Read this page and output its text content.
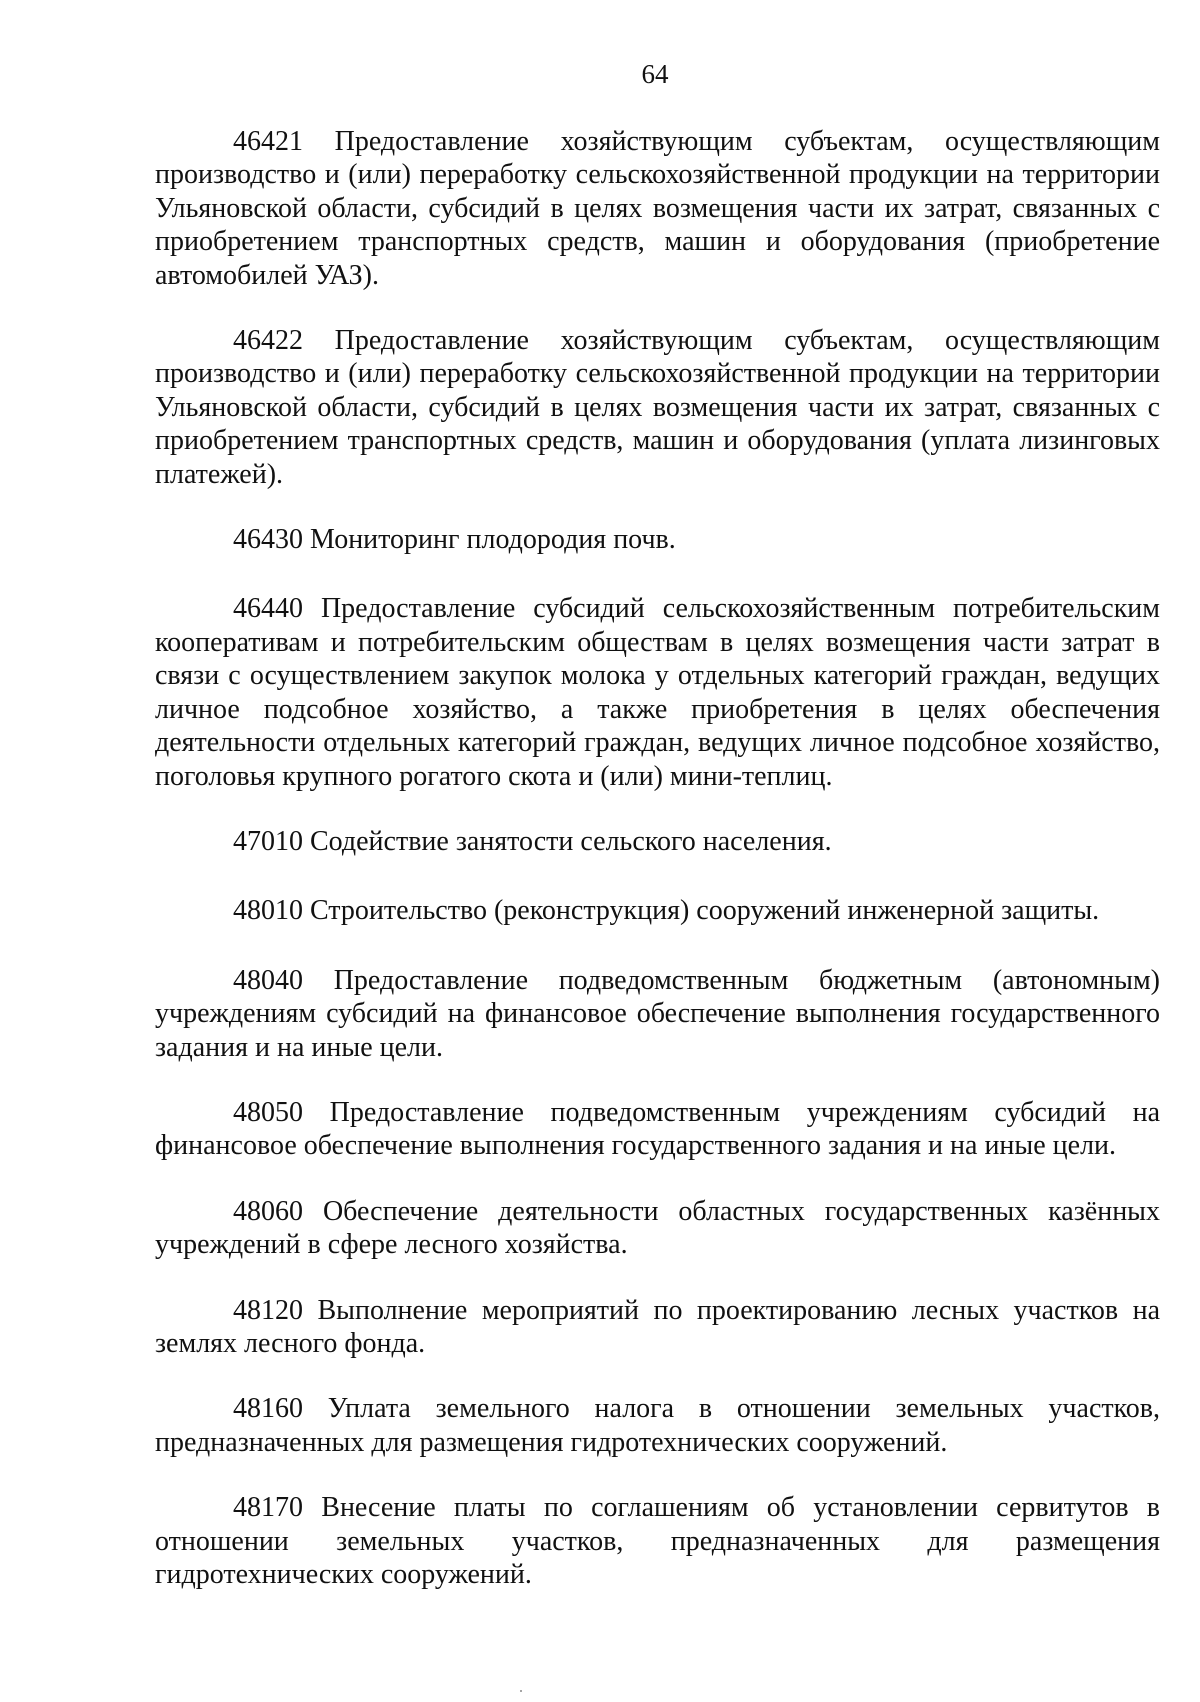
64

46421 Предоставление хозяйствующим субъектам, осуществляющим производство и (или) переработку сельскохозяйственной продукции на территории Ульяновской области, субсидий в целях возмещения части их затрат, связанных с приобретением транспортных средств, машин и оборудования (приобретение автомобилей УАЗ).

46422 Предоставление хозяйствующим субъектам, осуществляющим производство и (или) переработку сельскохозяйственной продукции на территории Ульяновской области, субсидий в целях возмещения части их затрат, связанных с приобретением транспортных средств, машин и оборудования (уплата лизинговых платежей).

46430 Мониторинг плодородия почв.

46440 Предоставление субсидий сельскохозяйственным потребительским кооперативам и потребительским обществам в целях возмещения части затрат в связи с осуществлением закупок молока у отдельных категорий граждан, ведущих личное подсобное хозяйство, а также приобретения в целях обеспечения деятельности отдельных категорий граждан, ведущих личное подсобное хозяйство, поголовья крупного рогатого скота и (или) мини-теплиц.

47010 Содействие занятости сельского населения.

48010 Строительство (реконструкция) сооружений инженерной защиты.

48040 Предоставление подведомственным бюджетным (автономным) учреждениям субсидий на финансовое обеспечение выполнения государственного задания и на иные цели.

48050 Предоставление подведомственным учреждениям субсидий на финансовое обеспечение выполнения государственного задания и на иные цели.

48060 Обеспечение деятельности областных государственных казённых учреждений в сфере лесного хозяйства.

48120 Выполнение мероприятий по проектированию лесных участков на землях лесного фонда.

48160 Уплата земельного налога в отношении земельных участков, предназначенных для размещения гидротехнических сооружений.

48170 Внесение платы по соглашениям об установлении сервитутов в отношении земельных участков, предназначенных для размещения гидротехнических сооружений.
